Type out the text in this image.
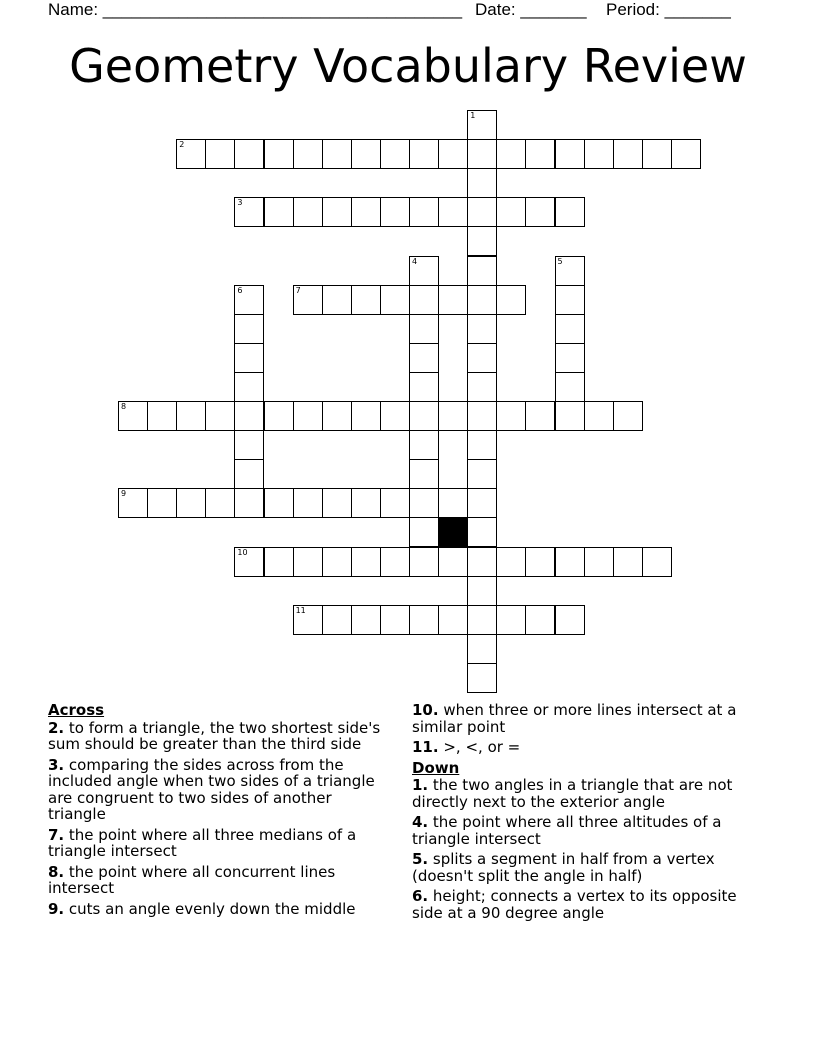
Name: ______________________________________ Date: _______ Period: _______
Geometry Vocabulary Review
1
2
3
4	5
6	7
8
9
10
11
Across
2. to form a triangle, the two shortest side's sum should be greater than the third side
3. comparing the sides across from the included angle when two sides of a triangle are congruent to two sides of another triangle
7. the point where all three medians of a triangle intersect
8. the point where all concurrent lines intersect
9. cuts an angle evenly down the middle
10. when three or more lines intersect at a similar point
11. >, <, or =
Down
1. the two angles in a triangle that are not directly next to the exterior angle
4. the point where all three altitudes of a triangle intersect
5. splits a segment in half from a vertex (doesn't split the angle in half)
6. height; connects a vertex to its opposite side at a 90 degree angle
